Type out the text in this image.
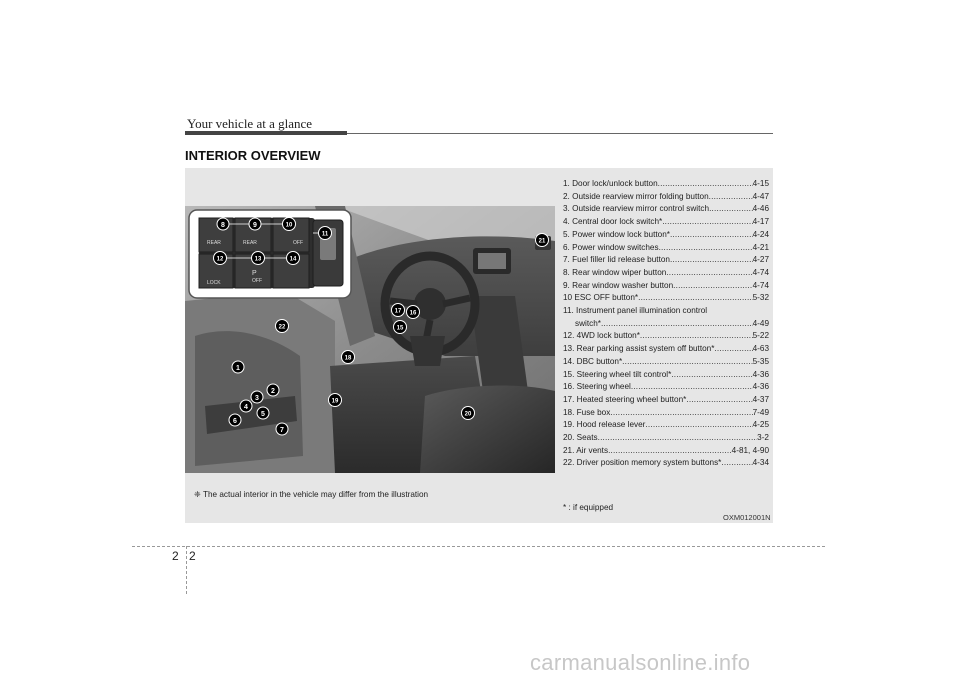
Your vehicle at a glance
INTERIOR OVERVIEW
REAR	REAR	OFF
LOCK
P
OFF
8	9	10
11
12	13	14
21
22
17 16
15
18
19
20
1
2
3
4
5
6
7
1. Door lock/unlock button .....	4-15
2. Outside rearview mirror folding button .....	4-47
3. Outside rearview mirror control switch .....	4-46
4. Central door lock switch* .....	4-17
5. Power window lock button* .....	4-24
6. Power window switches .....	4-21
7. Fuel filler lid release button .....	4-27
8. Rear window wiper button .....	4-74
9. Rear window washer button .....	4-74
10 ESC OFF button* .....	5-32
11. Instrument panel illumination control
switch* .....	4-49
12. 4WD lock button* .....	5-22
13. Rear parking assist system off button* .....	4-63
14. DBC button* .....	5-35
15. Steering wheel tilt control* .....	4-36
16. Steering wheel .....	4-36
17. Heated steering wheel button* .....	4-37
18. Fuse box .....	7-49
19. Hood release lever .....	4-25
20. Seats .....	3-2
21. Air vents .....	4-81, 4-90
22. Driver position memory system buttons* .....	4-34
* : if equipped
❈ The actual interior in the vehicle may differ from the illustration
OXM012001N
2 2
carmanualsonline.info
